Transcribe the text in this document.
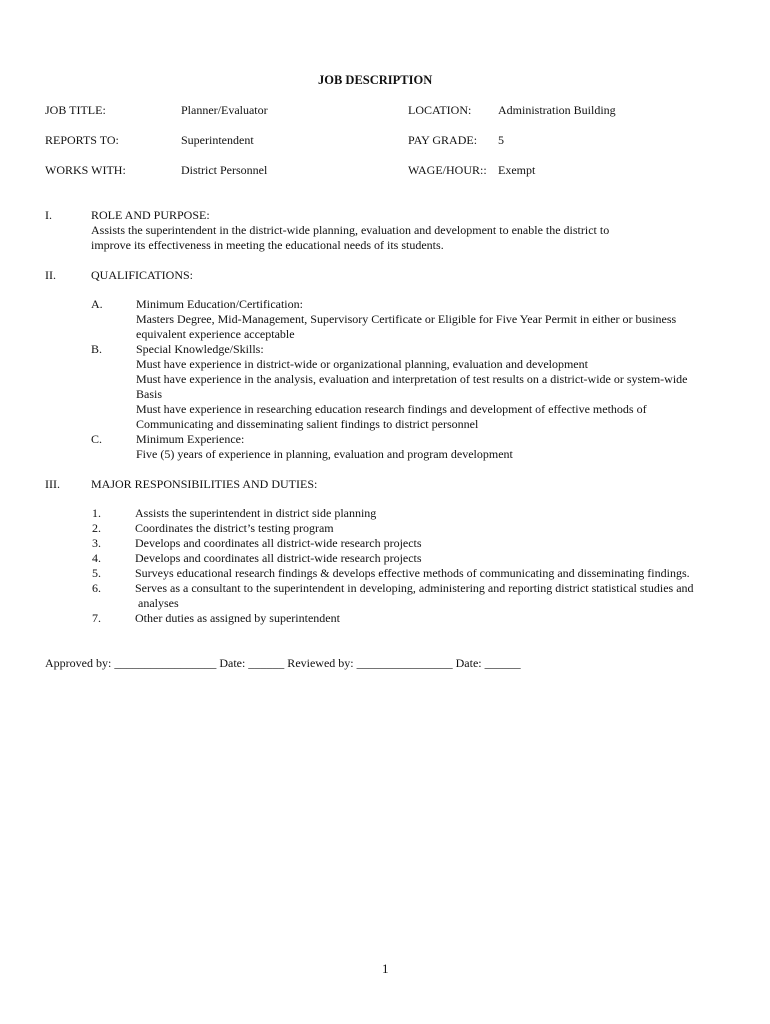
JOB DESCRIPTION
JOB TITLE:	Planner/Evaluator	LOCATION: Administration Building
REPORTS TO:	Superintendent	PAY GRADE: 5
WORKS WITH:	District Personnel	WAGE/HOUR:: Exempt
I.	ROLE AND PURPOSE:
Assists the superintendent in the district-wide planning, evaluation and development to enable the district to
improve its effectiveness in meeting the educational needs of its students.
II.	QUALIFICATIONS:
A.	Minimum Education/Certification:
Masters Degree, Mid-Management, Supervisory Certificate or Eligible for Five Year Permit in either or business
equivalent experience acceptable
B.	Special Knowledge/Skills:
Must have experience in district-wide or organizational planning, evaluation and development
Must have experience in the analysis, evaluation and interpretation of test results on a district-wide or system-wide
Basis
Must have experience in researching education research findings and development of effective methods of
Communicating and disseminating salient findings to district personnel
C.	Minimum Experience:
Five (5) years of experience in planning, evaluation and program development
III.	MAJOR RESPONSIBILITIES AND DUTIES:
1.	Assists the superintendent in district side planning
2.	Coordinates the district’s testing program
3.	Develops and coordinates all district-wide research projects
4.	Develops and coordinates all district-wide research projects
5.	Surveys educational research findings & develops effective methods of communicating and disseminating findings.
6.	Serves as a consultant to the superintendent in developing, administering and reporting district statistical studies and
analyses
7.	Other duties as assigned by superintendent
Approved by: _________________ Date: ______ Reviewed by: ________________ Date: ______
1
